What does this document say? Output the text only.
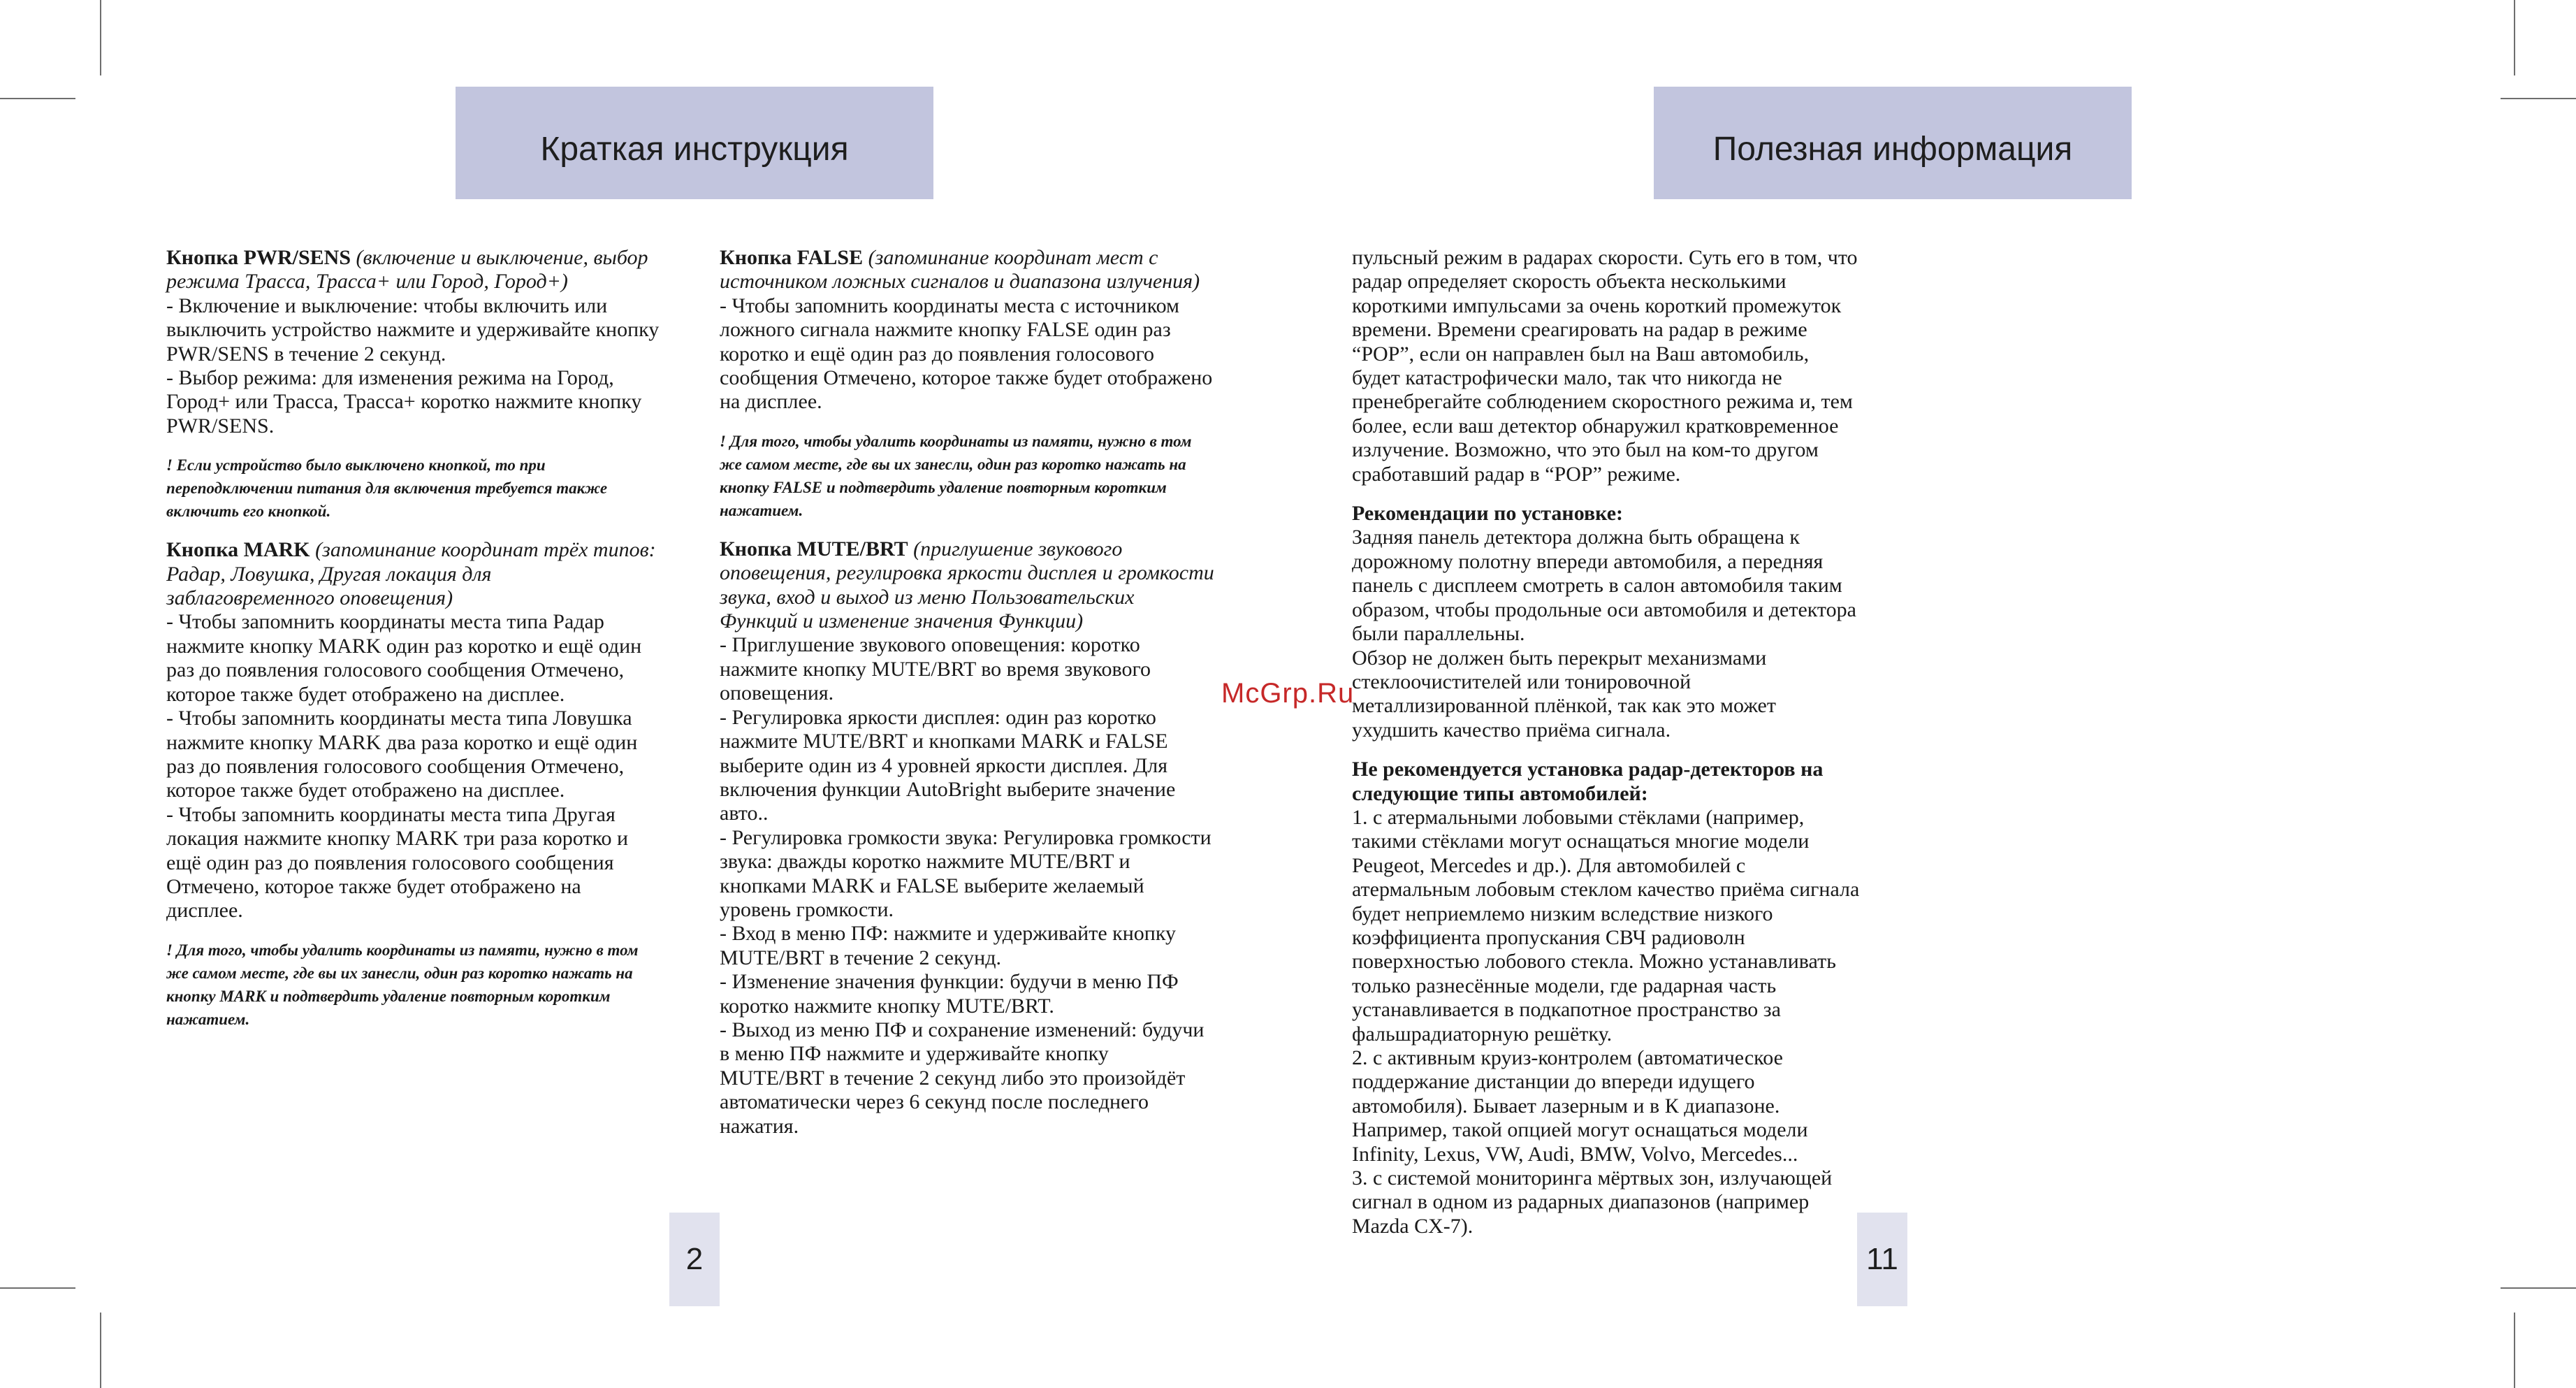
Краткая инструкция	Полезная информация

Кнопка PWR/SENS (включение и выключение, выбор режима Трасса, Трасса+ или Город, Город+)

- Включение и выключение: чтобы включить или выключить устройство нажмите и удерживайте кнопку PWR/SENS в течение 2 секунд.
- Выбор режима: для изменения режима на Город, Город+ или Трасса, Трасса+ коротко нажмите кнопку PWR/SENS.

! Если устройство было выключено кнопкой, то при переподключении питания для включения требуется также включить его кнопкой.

Кнопка MARK (запоминание координат трёх типов: Радар, Ловушка, Другая локация для заблаговременного оповещения)

- Чтобы запомнить координаты места типа Радар нажмите кнопку MARK один раз коротко и ещё один раз до появления голосового сообщения Отмечено, которое также будет отображено на дисплее.
- Чтобы запомнить координаты места типа Ловушка нажмите кнопку MARK два раза коротко и ещё один раз до появления голосового сообщения Отмечено, которое также будет отображено на дисплее.
- Чтобы запомнить координаты места типа Другая локация нажмите кнопку MARK три раза коротко и ещё один раз до появления голосового сообщения Отмечено, которое также будет отображено на дисплее.

! Для того, чтобы удалить координаты из памяти, нужно в том же самом месте, где вы их занесли, один раз коротко нажать на кнопку MARK и подтвердить удаление повторным коротким нажатием.

Кнопка FALSE (запоминание координат мест с источником ложных сигналов и диапазона излучения)

- Чтобы запомнить координаты места с источником ложного сигнала нажмите кнопку FALSE один раз коротко и ещё один раз до появления голосового сообщения Отмечено, которое также будет отображено на дисплее.

! Для того, чтобы удалить координаты из памяти, нужно в том же самом месте, где вы их занесли, один раз коротко нажать на кнопку FALSE и подтвердить удаление повторным коротким нажатием.

Кнопка MUTE/BRT (приглушение звукового оповещения, регулировка яркости дисплея и громкости звука, вход и выход из меню Пользовательских Функций и изменение значения Функции)

- Приглушение звукового оповещения: коротко нажмите кнопку MUTE/BRT во время звукового оповещения.
- Регулировка яркости дисплея: один раз коротко нажмите MUTE/BRT и кнопками MARK и FALSE выберите один из 4 уровней яркости дисплея. Для включения функции AutoBright выберите значение авто..
- Регулировка громкости звука: Регулировка громкости звука: дважды коротко нажмите MUTE/BRT и кнопками MARK и FALSE выберите желаемый уровень громкости.
- Вход в меню ПФ: нажмите и удерживайте кнопку MUTE/BRT в течение 2 секунд.
- Изменение значения функции: будучи в меню ПФ коротко нажмите кнопку MUTE/BRT.
- Выход из меню ПФ и сохранение изменений: будучи в меню ПФ нажмите и удерживайте кнопку MUTE/BRT в течение 2 секунд либо это произойдёт автоматически через 6 секунд после последнего нажатия.

пульсный режим в радарах скорости. Суть его в том, что радар определяет скорость объекта несколькими короткими импульсами за очень короткий промежуток времени. Времени среагировать на радар в режиме “POP”, если он направлен был на Ваш автомобиль, будет катастрофически мало, так что никогда не пренебрегайте соблюдением скоростного режима и, тем более, если ваш детектор обнаружил кратковременное излучение. Возможно, что это был на ком-то другом сработавший радар в “POP” режиме.

Рекомендации по установке:

Задняя панель детектора должна быть обращена к дорожному полотну впереди автомобиля, а передняя панель с дисплеем смотреть в салон автомобиля таким образом, чтобы продольные оси автомобиля и детектора были параллельны.
Обзор не должен быть перекрыт механизмами стеклоочистителей или тонировочной металлизированной плёнкой, так как это может ухудшить качество приёма сигнала.

Не рекомендуется установка радар-детекторов на следующие типы автомобилей:

1. с атермальными лобовыми стёклами (например, такими стёклами могут оснащаться многие модели Peugeot, Mercedes и др.). Для автомобилей с атермальным лобовым стеклом качество приёма сигнала будет неприемлемо низким вследствие низкого коэффициента пропускания СВЧ радиоволн поверхностью лобового стекла. Можно устанавливать только разнесённые модели, где радарная часть устанавливается в подкапотное пространство за фальшрадиаторную решётку.
2. с активным круиз-контролем (автоматическое поддержание дистанции до впереди идущего автомобиля). Бывает лазерным и в К диапазоне. Например, такой опцией могут оснащаться модели Infinity, Lexus, VW, Audi, BMW, Volvo, Mercedes...
3. с системой мониторинга мёртвых зон, излучающей сигнал в одном из радарных диапазонов (например Mazda CX-7).

McGrp.Ru
2	11
